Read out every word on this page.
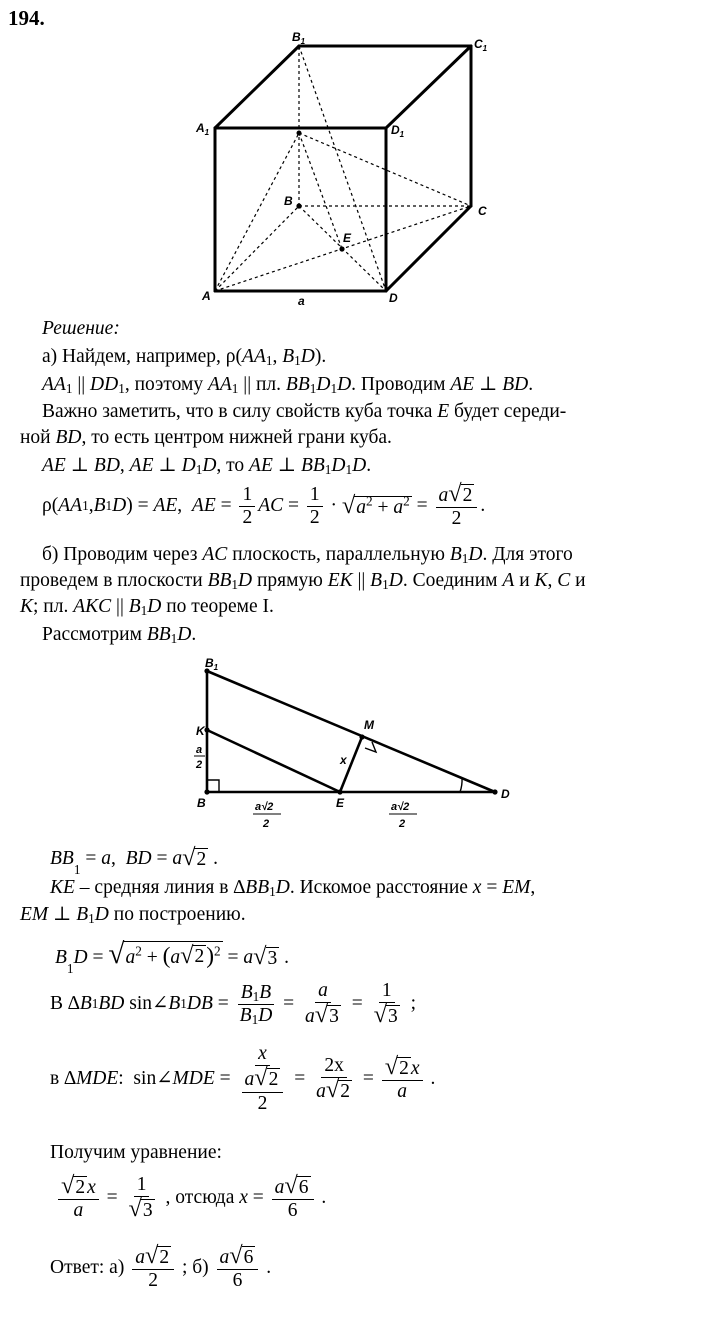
194.
$A_1$
$B_1$	$C_1$
$D_1$
A
B
C
D
E
a
Решение:
а) Найдем, например, $\rho(AA_1$, $B_1D$).
$AA_1$ || $DD_1$, поэтому $AA_1$ || пл. $BB_1D_1D$. Проводим AE ⊥ BD.
Важно заметить, что в силу свойств куба точка E будет середи-
ной BD, то есть центром нижней грани куба.
AE ⊥ BD, AE ⊥ $D_1D$, то AE ⊥ $BB_1D_1D$.
ρ( AA 1 , B 1 D ) = AE , AE = $\frac{1}{2}$ AC = $\frac{1}{2}$ · √ $a^2 + a^2 = \frac{a √ 2}{2}$ .
б) Проводим через AC плоскость, параллельную $B_1D$. Для этого
проведем в плоскости $BB_1D$ прямую EK || $B_1D$. Соединим A и K, C и
K; пл. AKC || $B_1D$ по теореме I.
Рассмотрим $BB_1D$.
$B_1$
K
B	E
M
D
x
a
2
a√2
2
a√2
2
BB
1
= a , BD = a √ 2 .
KE – средняя линия в $\Delta BB_1D$. Искомое расстояние x = EM,
EM ⊥ $B_1D$ по построению.
B
1
D = √ $a^2 + (a$ √ 2 )$^2$ = a √ 3 .
В ∆ B 1 BD sin∠ B 1 DB = $\frac{B_1B}{B_1D} = \frac{a}{a √ 3} = \frac{1}{√3}$ ;
в ∆ MDE :  sin∠ MDE = $\frac{x}{\frac{a √ 2}{2}} = \frac{2x}{a √ 2} = \frac{√ 2 x}{a}$ .
Получим уравнение:
$\frac{√ 2 x}{a} = \frac{1}{√3}$ , отсюда $x = \frac{a √ 6}{6}$ .
Ответ: $а) \frac{a √ 2}{2}$ ; $б) \frac{a √ 6}{6}$ .
